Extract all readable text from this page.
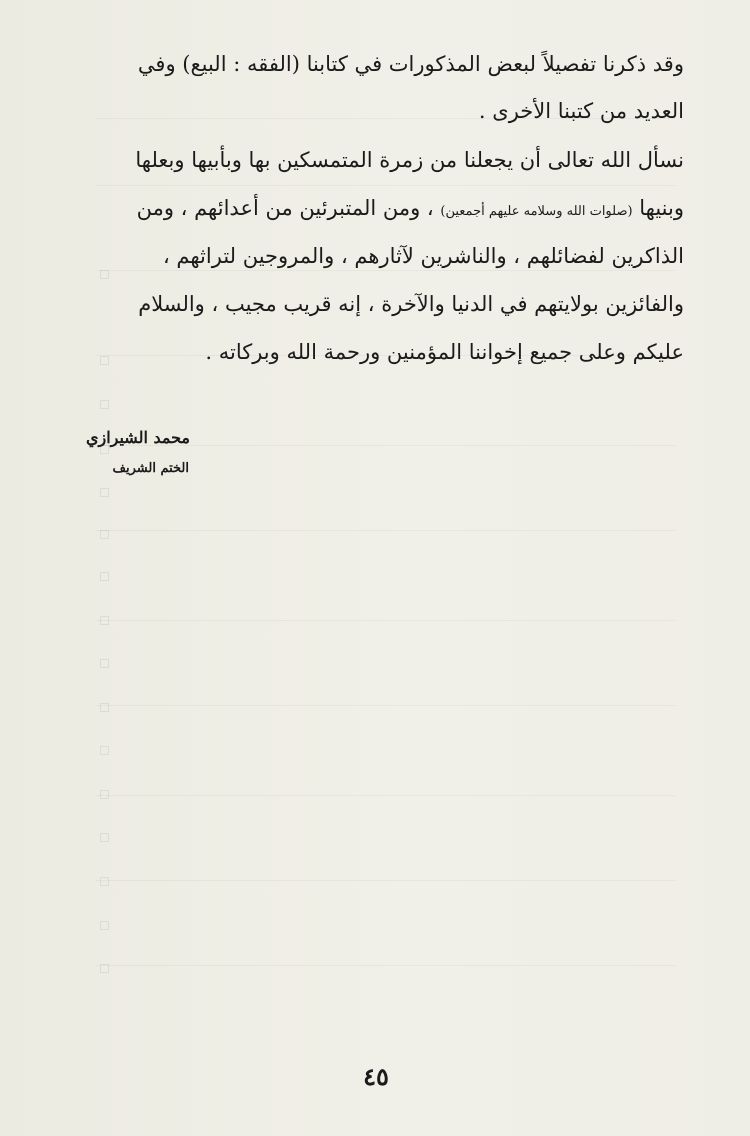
وقد ذكرنا تفصيلاً لبعض المذكورات في كتابنا (الفقه : البيع) وفي
العديد من كتبنا الأخرى .
نسأل الله تعالى أن يجعلنا من زمرة المتمسكين بها وبأبيها وبعلها
وبنيها (صلوات الله وسلامه عليهم أجمعين) ، ومن المتبرئين من أعدائهم ، ومن
الذاكرين لفضائلهم ، والناشرين لآثارهم ، والمروجين لتراثهم ،
والفائزين بولايتهم في الدنيا والآخرة ، إنه قريب مجيب ، والسلام
عليكم وعلى جميع إخواننا المؤمنين ورحمة الله وبركاته .
محمد الشيرازي
الختم الشريف
٤٥
